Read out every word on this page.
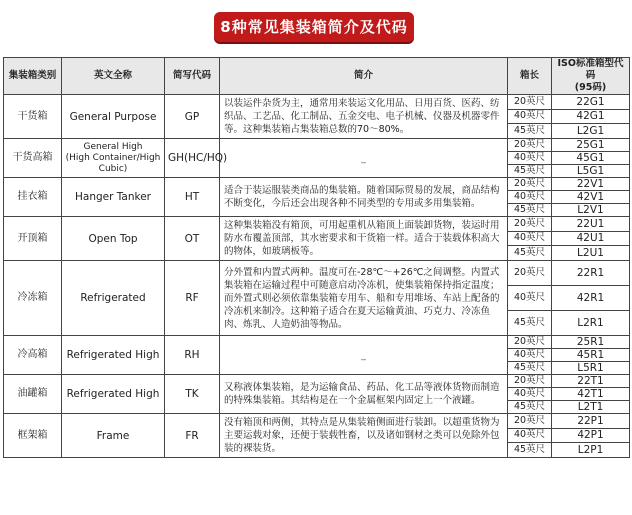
8种常见集装箱简介及代码
集装箱类别	英文全称	简写代码	简介	箱长	ISO标准箱型代码
(95码)

干货箱	General Purpose	GP	以装运件杂货为主，通常用来装运文化用品、日用百货、医药、纺织品、工艺品、化工制品、五金交电、电子机械、仪器及机器零件等。这种集装箱占集装箱总数的70～80%。	20英尺	22G1
				40英尺	42G1
				45英尺	L2G1
干货高箱	General High
(High Container/High
Cubic)	GH(HC/HQ)	_	20英尺	25G1
				40英尺	45G1
				45英尺	L5G1
挂衣箱	Hanger Tanker	HT	适合于装运服装类商品的集装箱。随着国际贸易的发展，商品结构不断变化，今后还会出现各种不同类型的专用或多用集装箱。	20英尺	22V1
				40英尺	42V1
				45英尺	L2V1
开顶箱	Open Top	OT	这种集装箱没有箱顶，可用起重机从箱顶上面装卸货物，装运时用防水布覆盖顶部，其水密要求和干货箱一样。适合于装载体积高大的物体，如玻璃板等。	20英尺	22U1
				40英尺	42U1
				45英尺	L2U1
冷冻箱	Refrigerated	RF	分外置和内置式两种。温度可在-28℃～+26℃之间调整。内置式集装箱在运输过程中可随意启动冷冻机，使集装箱保持指定温度；而外置式则必须依靠集装箱专用车、船和专用堆场、车站上配备的冷冻机来制冷。这种箱子适合在夏天运输黄油、巧克力、冷冻鱼肉、炼乳、人造奶油等物品。	20英尺	22R1
				40英尺	42R1
				45英尺	L2R1
冷高箱	Refrigerated High	RH	_	20英尺	25R1
				40英尺	45R1
				45英尺	L5R1
油罐箱	Refrigerated High	TK	又称液体集装箱，是为运输食品、药品、化工品等液体货物而制造的特殊集装箱。其结构是在一个金属框架内固定上一个液罐。	20英尺	22T1
				40英尺	42T1
				45英尺	L2T1
框架箱	Frame	FR	没有箱顶和两侧，其特点是从集装箱侧面进行装卸。以超重货物为主要运载对象，还便于装载牲畜，以及诸如钢材之类可以免除外包装的裸装货。	20英尺	22P1
				40英尺	42P1
				45英尺	L2P1
